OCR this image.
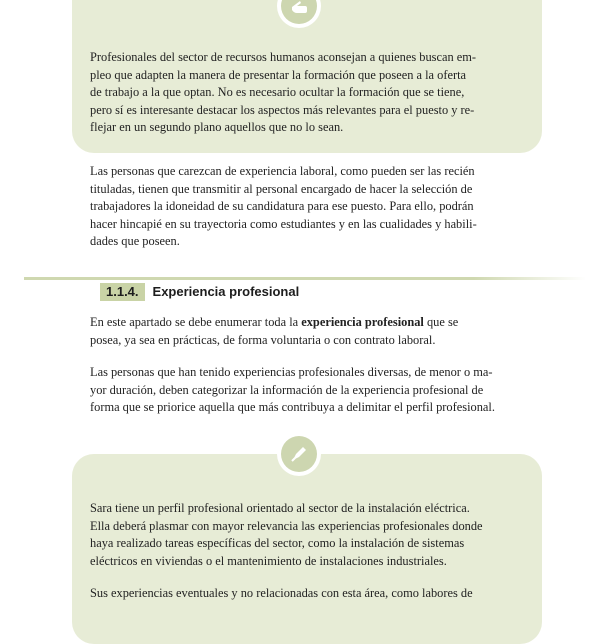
Profesionales del sector de recursos humanos aconsejan a quienes buscan em-
pleo que adapten la manera de presentar la formación que poseen a la oferta
de trabajo a la que optan. No es necesario ocultar la formación que se tiene,
pero sí es interesante destacar los aspectos más relevantes para el puesto y re-
flejar en un segundo plano aquellos que no lo sean.

Las personas que carezcan de experiencia laboral, como pueden ser las recién
tituladas, tienen que transmitir al personal encargado de hacer la selección de
trabajadores la idoneidad de su candidatura para ese puesto. Para ello, podrán
hacer hincapié en su trayectoria como estudiantes y en las cualidades y habili-
dades que poseen.

1.1.4.	Experiencia profesional

En este apartado se debe enumerar toda la experiencia profesional que se
posea, ya sea en prácticas, de forma voluntaria o con contrato laboral.

Las personas que han tenido experiencias profesionales diversas, de menor o ma-
yor duración, deben categorizar la información de la experiencia profesional de
forma que se priorice aquella que más contribuya a delimitar el perfil profesional.

Sara tiene un perfil profesional orientado al sector de la instalación eléctrica.
Ella deberá plasmar con mayor relevancia las experiencias profesionales donde
haya realizado tareas específicas del sector, como la instalación de sistemas
eléctricos en viviendas o el mantenimiento de instalaciones industriales.

Sus experiencias eventuales y no relacionadas con esta área, como labores de
